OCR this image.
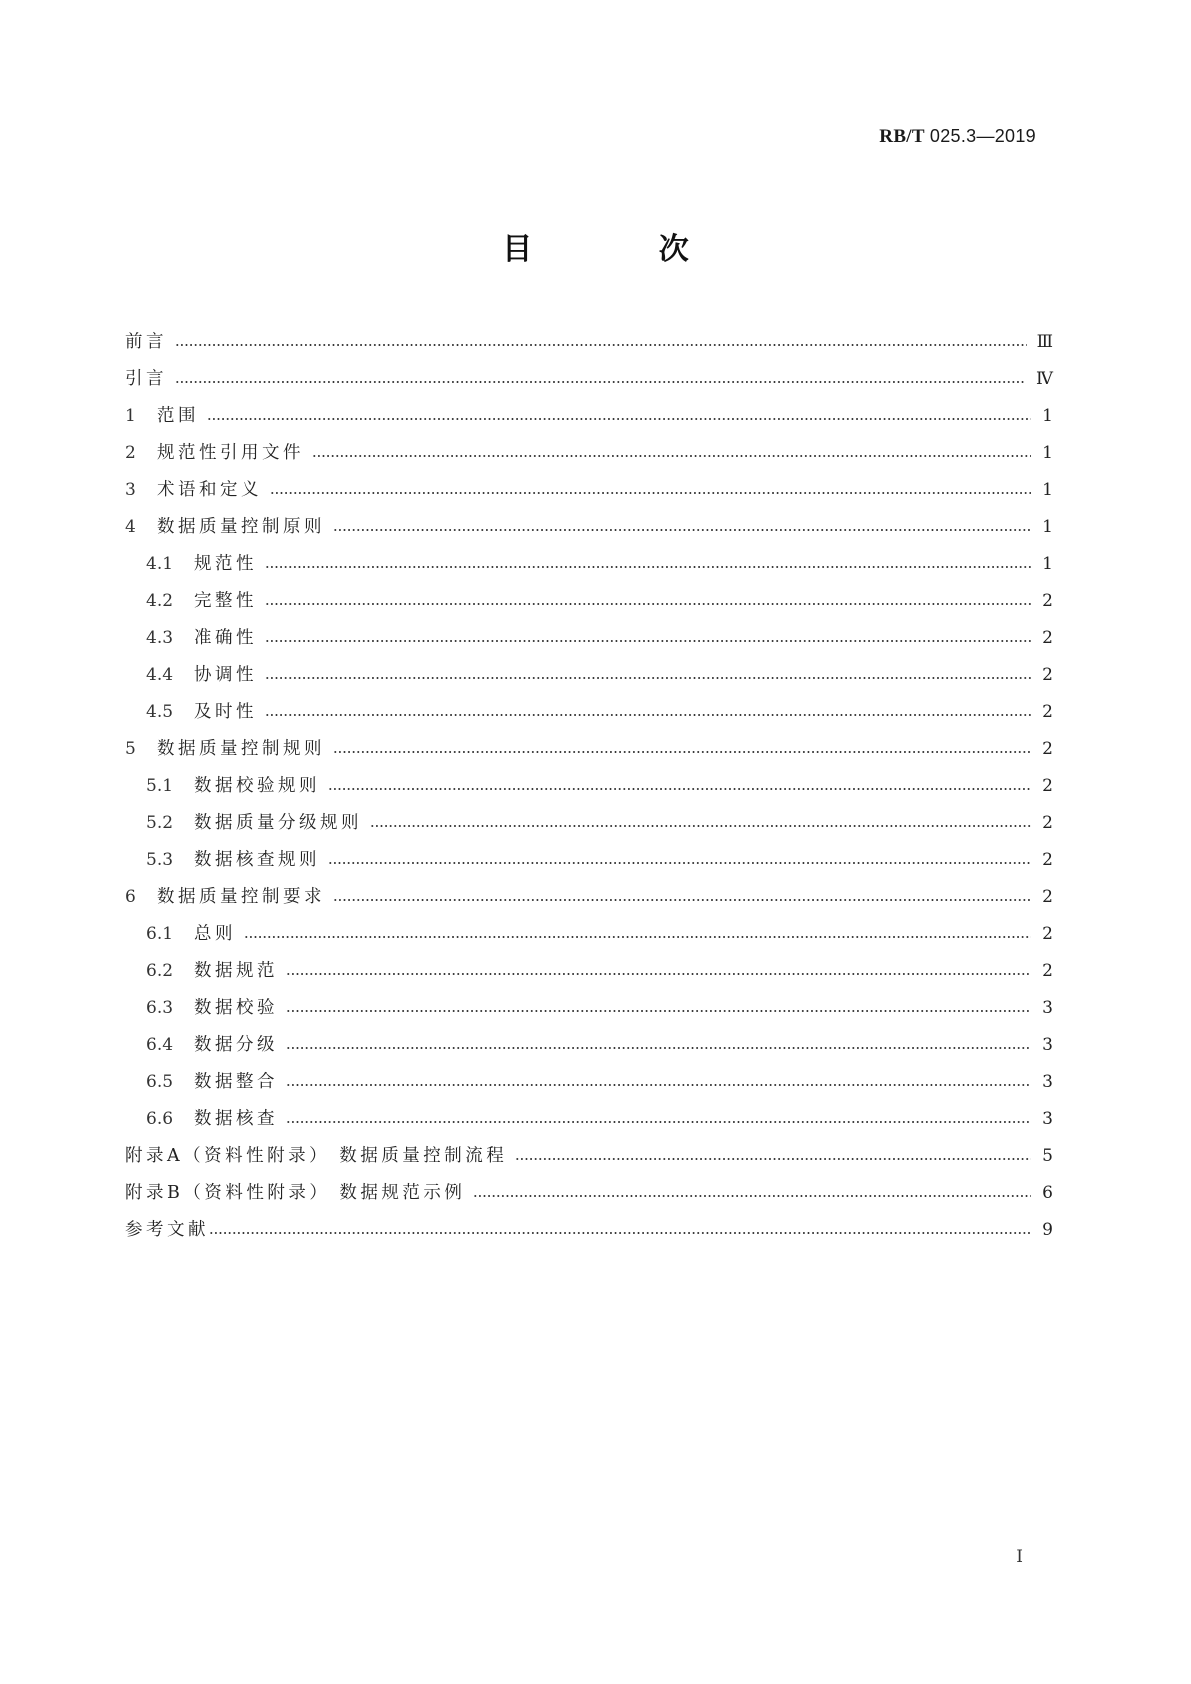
RB/T 025.3—2019
目 次
前言	Ⅲ
引言	Ⅳ
1	范围	1
2	规范性引用文件	1
3	术语和定义	1
4	数据质量控制原则	1
4.1	规范性	1
4.2	完整性	2
4.3	准确性	2
4.4	协调性	2
4.5	及时性	2
5	数据质量控制规则	2
5.1	数据校验规则	2
5.2	数据质量分级规则	2
5.3	数据核查规则	2
6	数据质量控制要求	2
6.1	总则	2
6.2	数据规范	2
6.3	数据校验	3
6.4	数据分级	3
6.5	数据整合	3
6.6	数据核查	3
附录A（资料性附录） 数据质量控制流程	5
附录B（资料性附录） 数据规范示例	6
参考文献	9
Ⅰ
